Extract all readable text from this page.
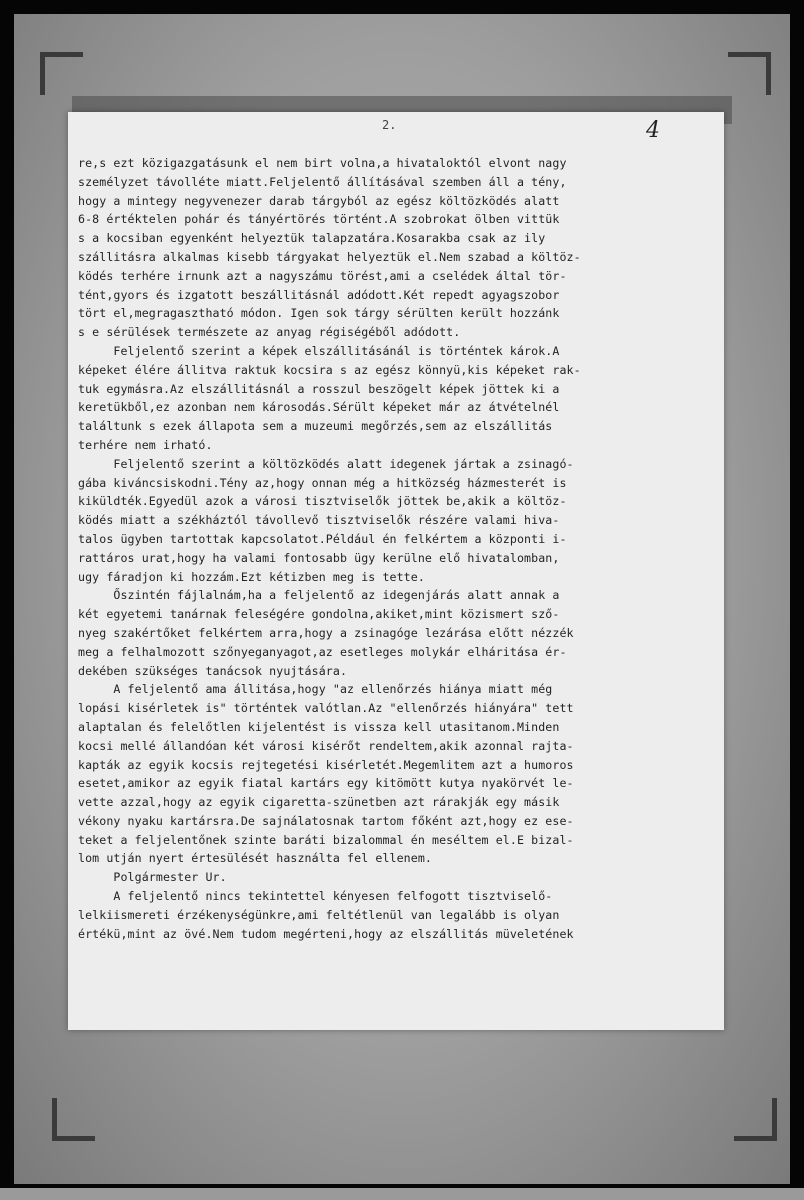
2.	4
re,s ezt közigazgatásunk el nem birt volna,a hivataloktól elvont nagy
személyzet távolléte miatt.Feljelentő állításával szemben áll a tény,
hogy a mintegy negyvenezer darab tárgyból az egész költözködés alatt
6-8 értéktelen pohár és tányértörés történt.A szobrokat ölben vittük
s a kocsiban egyenként helyeztük talapzatára.Kosarakba csak az ily
szállitásra alkalmas kisebb tárgyakat helyeztük el.Nem szabad a költöz-
ködés terhére irnunk azt a nagyszámu törést,ami a cselédek által tör-
tént,gyors és izgatott beszállitásnál adódott.Két repedt agyagszobor
tört el,megragasztható módon. Igen sok tárgy sérülten került hozzánk
s e sérülések természete az anyag régiségéből adódott.
Feljelentő szerint a képek elszállitásánál is történtek károk.A
képeket élére állitva raktuk kocsira s az egész könnyü,kis képeket rak-
tuk egymásra.Az elszállitásnál a rosszul beszögelt képek jöttek ki a
keretükből,ez azonban nem károsodás.Sérült képeket már az átvételnél
találtunk s ezek állapota sem a muzeumi megőrzés,sem az elszállitás
terhére nem irható.
Feljelentő szerint a költözködés alatt idegenek jártak a zsinagó-
gába kiváncsiskodni.Tény az,hogy onnan még a hitközség házmesterét is
kiküldték.Egyedül azok a városi tisztviselők jöttek be,akik a költöz-
ködés miatt a székháztól távollevő tisztviselők részére valami hiva-
talos ügyben tartottak kapcsolatot.Például én felkértem a központi i-
rattáros urat,hogy ha valami fontosabb ügy kerülne elő hivatalomban,
ugy fáradjon ki hozzám.Ezt kétizben meg is tette.
Őszintén fájlalnám,ha a feljelentő az idegenjárás alatt annak a
két egyetemi tanárnak feleségére gondolna,akiket,mint közismert sző-
nyeg szakértőket felkértem arra,hogy a zsinagóge lezárása előtt nézzék
meg a felhalmozott szőnyeganyagot,az esetleges molykár elháritása ér-
dekében szükséges tanácsok nyujtására.
A feljelentő ama állitása,hogy "az ellenőrzés hiánya miatt még
lopási kisérletek is" történtek valótlan.Az "ellenőrzés hiányára" tett
alaptalan és felelőtlen kijelentést is vissza kell utasitanom.Minden
kocsi mellé állandóan két városi kisérőt rendeltem,akik azonnal rajta-
kapták az egyik kocsis rejtegetési kisérletét.Megemlitem azt a humoros
esetet,amikor az egyik fiatal kartárs egy kitömött kutya nyakörvét le-
vette azzal,hogy az egyik cigaretta-szünetben azt rárakják egy másik
vékony nyaku kartársra.De sajnálatosnak tartom főként azt,hogy ez ese-
teket a feljelentőnek szinte baráti bizalommal én meséltem el.E bizal-
lom utján nyert értesülését használta fel ellenem.
Polgármester Ur.
A feljelentő nincs tekintettel kényesen felfogott tisztviselő-
lelkiismereti érzékenységünkre,ami feltétlenül van legalább is olyan
értékü,mint az övé.Nem tudom megérteni,hogy az elszállitás müveletének
